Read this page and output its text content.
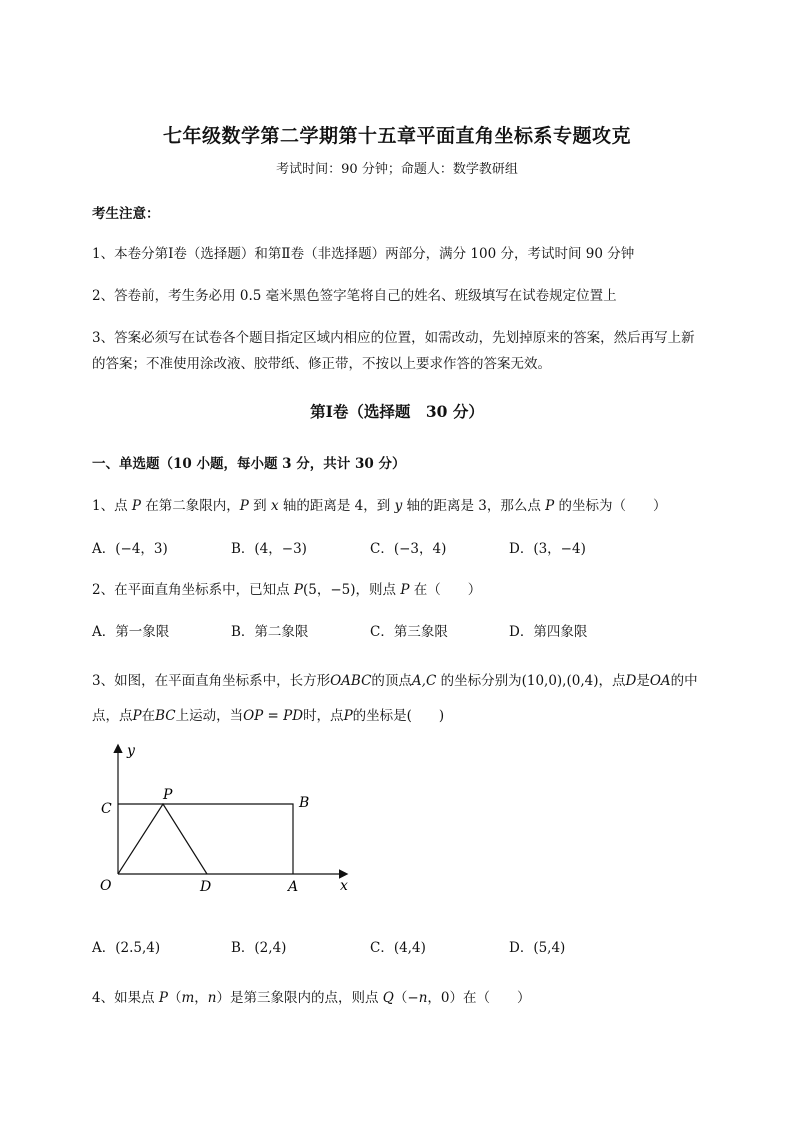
七年级数学第二学期第十五章平面直角坐标系专题攻克
考试时间：90 分钟；命题人：数学教研组
考生注意：
1、本卷分第Ⅰ卷（选择题）和第Ⅱ卷（非选择题）两部分，满分 100 分，考试时间 90 分钟
2、答卷前，考生务必用 0.5 毫米黑色签字笔将自己的姓名、班级填写在试卷规定位置上
3、答案必须写在试卷各个题目指定区域内相应的位置，如需改动，先划掉原来的答案，然后再写上新
的答案；不准使用涂改液、胶带纸、修正带，不按以上要求作答的答案无效。
第Ⅰ卷（选择题　30 分）
一、单选题（10 小题，每小题 3 分，共计 30 分）
1、点 P 在第二象限内，P 到 x 轴的距离是 4，到 y 轴的距离是 3，那么点 P 的坐标为（　　）
A．(−4，3)	B．(4，−3)	C．(−3，4)	D．(3，−4)
2、在平面直角坐标系中，已知点 P(5，−5)，则点 P 在（　　）
A．第一象限	B．第二象限	C．第三象限	D．第四象限
3、如图，在平面直角坐标系中，长方形OABC的顶点A,C 的坐标分别为(10,0),(0,4)，点D是OA的中
点，点P在BC上运动，当OP = PD时，点P的坐标是(　　)
y
x
C
P	B
O	D	A
A．(2.5,4)	B．(2,4)	C．(4,4)	D．(5,4)
4、如果点 P（m，n）是第三象限内的点，则点 Q（−n，0）在（　　）
